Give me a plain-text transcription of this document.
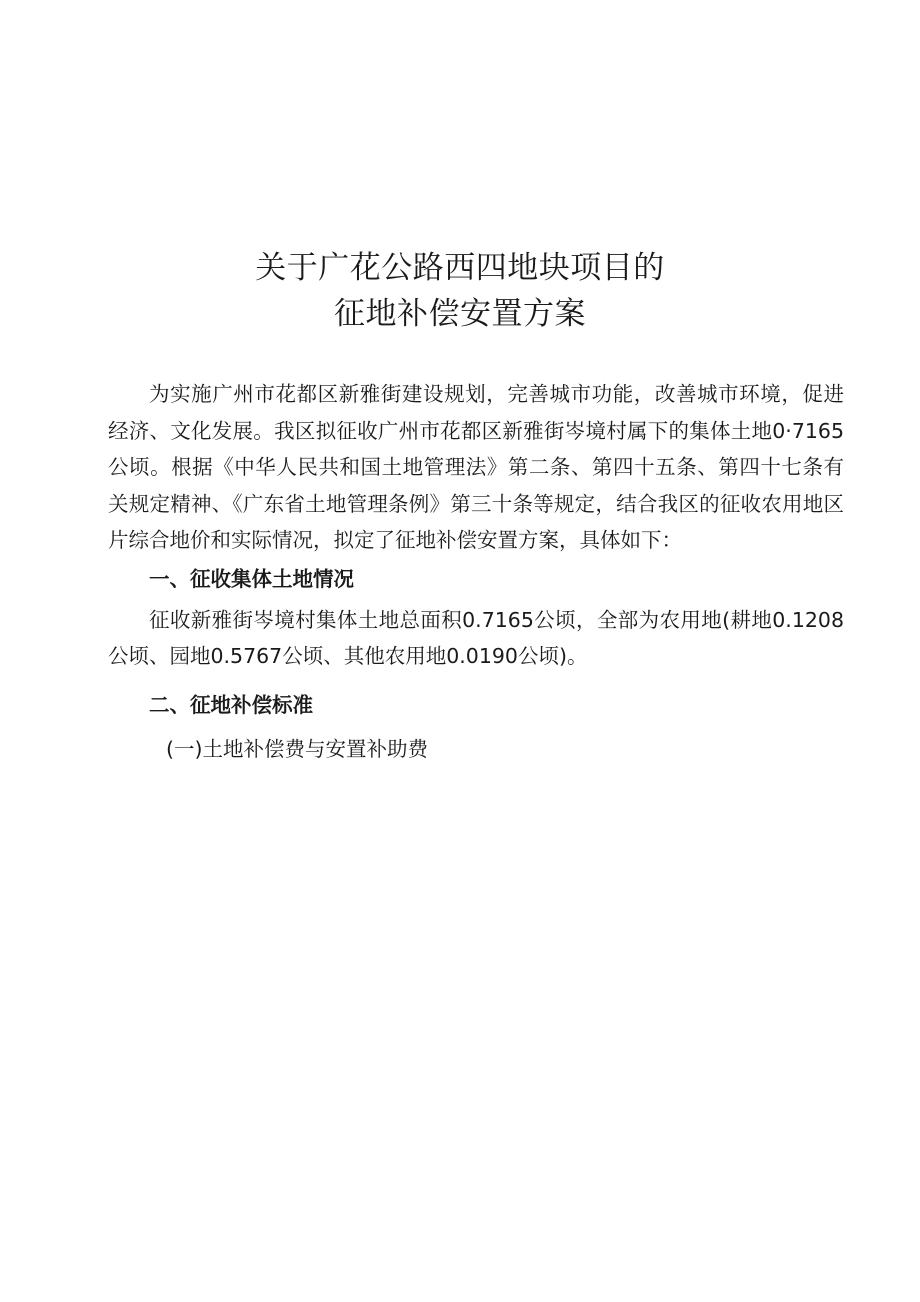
关于广花公路西四地块项目的
征地补偿安置方案

为实施广州市花都区新雅街建设规划，完善城市功能，改善城市环境，促进经济、文化发展。我区拟征收广州市花都区新雅街岑境村属下的集体土地0·7165公顷。根据《中华人民共和国土地管理法》第二条、第四十五条、第四十七条有关规定精神、《广东省土地管理条例》第三十条等规定，结合我区的征收农用地区片综合地价和实际情况，拟定了征地补偿安置方案，具体如下：

一、征收集体土地情况

征收新雅街岑境村集体土地总面积0.7165公顷，全部为农用地(耕地0.1208公顷、园地0.5767公顷、其他农用地0.0190公顷)。

二、征地补偿标准

(一)土地补偿费与安置补助费
